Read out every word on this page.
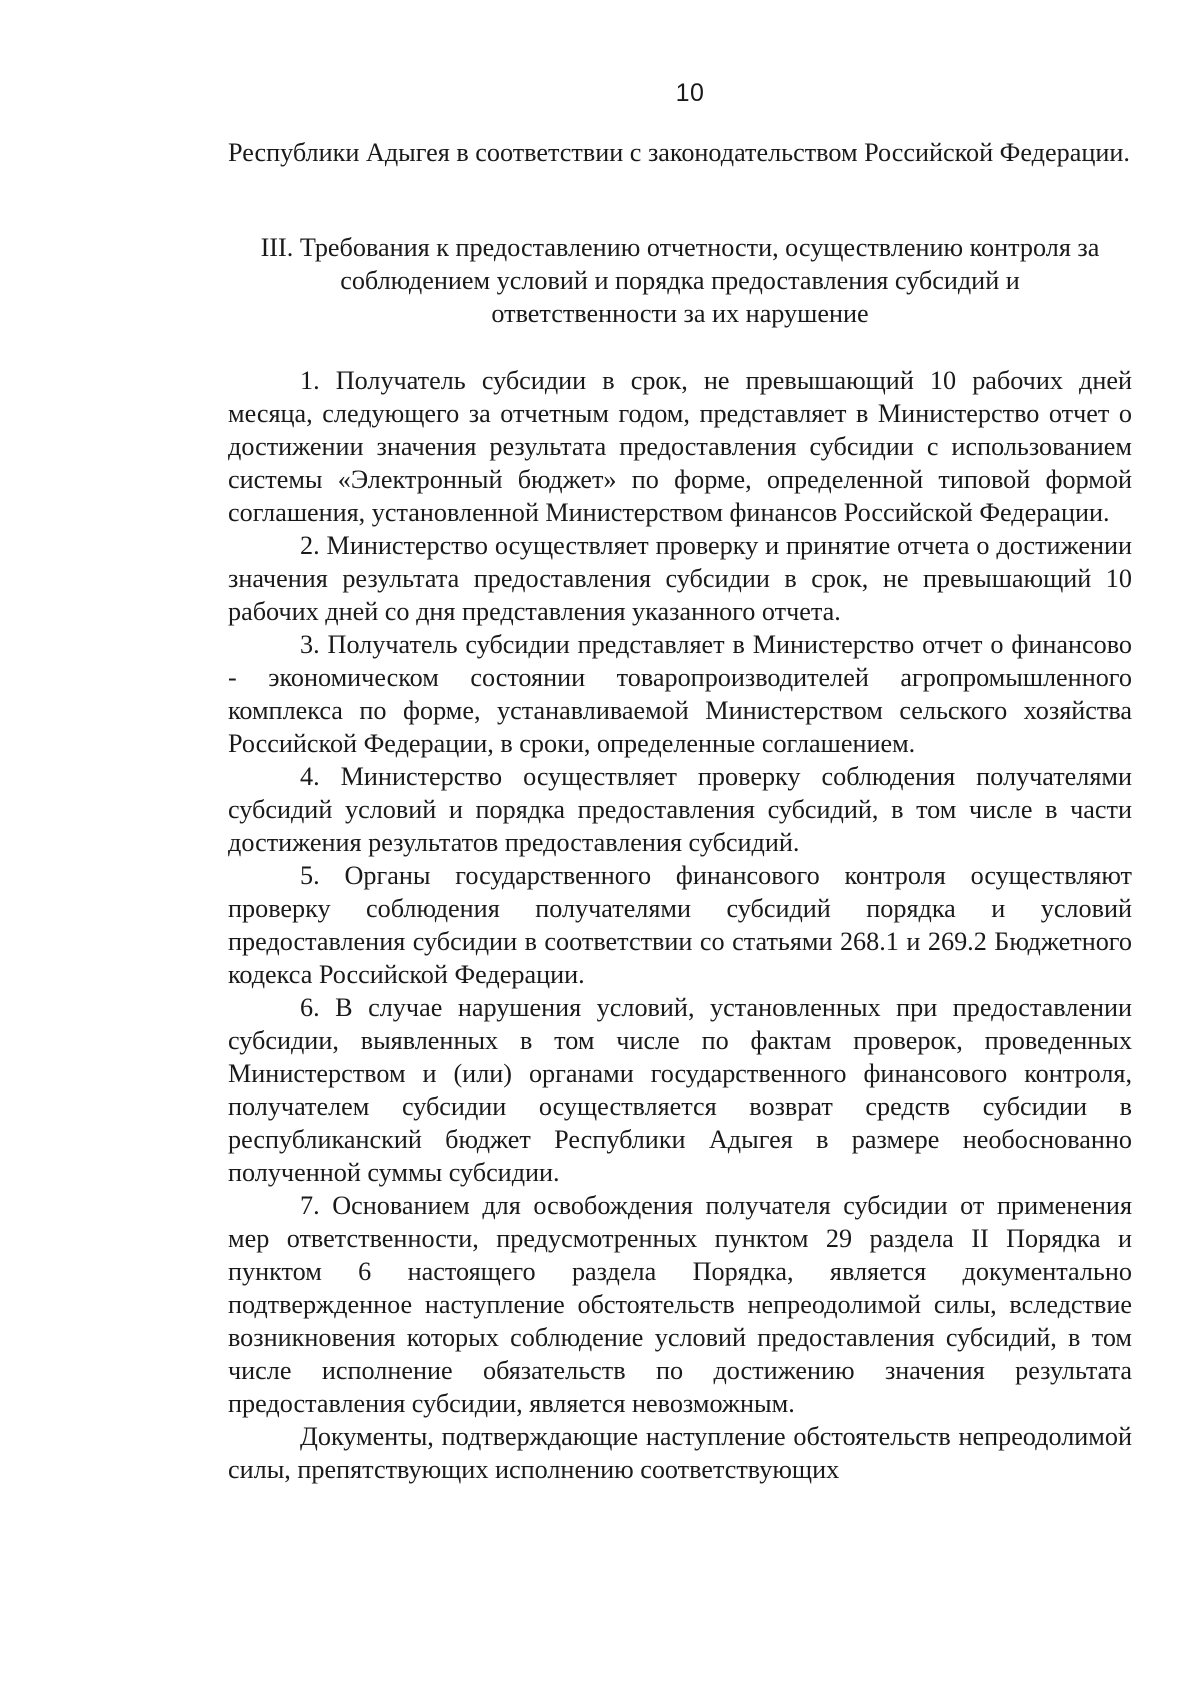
10

Республики Адыгея в соответствии с законодательством Российской Федерации.

III. Требования к предоставлению отчетности, осуществлению контроля за
соблюдением условий и порядка предоставления субсидий и
ответственности за их нарушение

1. Получатель субсидии в срок, не превышающий 10 рабочих дней месяца, следующего за отчетным годом, представляет в Министерство отчет о достижении значения результата предоставления субсидии с использованием системы «Электронный бюджет» по форме, определенной типовой формой соглашения, установленной Министерством финансов Российской Федерации.

2. Министерство осуществляет проверку и принятие отчета о достижении значения результата предоставления субсидии в срок, не превышающий 10 рабочих дней со дня представления указанного отчета.

3. Получатель субсидии представляет в Министерство отчет о финансово - экономическом состоянии товаропроизводителей агропромышленного комплекса по форме, устанавливаемой Министерством сельского хозяйства Российской Федерации, в сроки, определенные соглашением.

4. Министерство осуществляет проверку соблюдения получателями субсидий условий и порядка предоставления субсидий, в том числе в части достижения результатов предоставления субсидий.

5. Органы государственного финансового контроля осуществляют проверку соблюдения получателями субсидий порядка и условий предоставления субсидии в соответствии со статьями 268.1 и 269.2 Бюджетного кодекса Российской Федерации.

6. В случае нарушения условий, установленных при предоставлении субсидии, выявленных в том числе по фактам проверок, проведенных Министерством и (или) органами государственного финансового контроля, получателем субсидии осуществляется возврат средств субсидии в республиканский бюджет Республики Адыгея в размере необоснованно полученной суммы субсидии.

7. Основанием для освобождения получателя субсидии от применения мер ответственности, предусмотренных пунктом 29 раздела II Порядка и пунктом 6 настоящего раздела Порядка, является документально подтвержденное наступление обстоятельств непреодолимой силы, вследствие возникновения которых соблюдение условий предоставления субсидий, в том числе исполнение обязательств по достижению значения результата предоставления субсидии, является невозможным.

Документы, подтверждающие наступление обстоятельств непреодолимой силы, препятствующих исполнению соответствующих
